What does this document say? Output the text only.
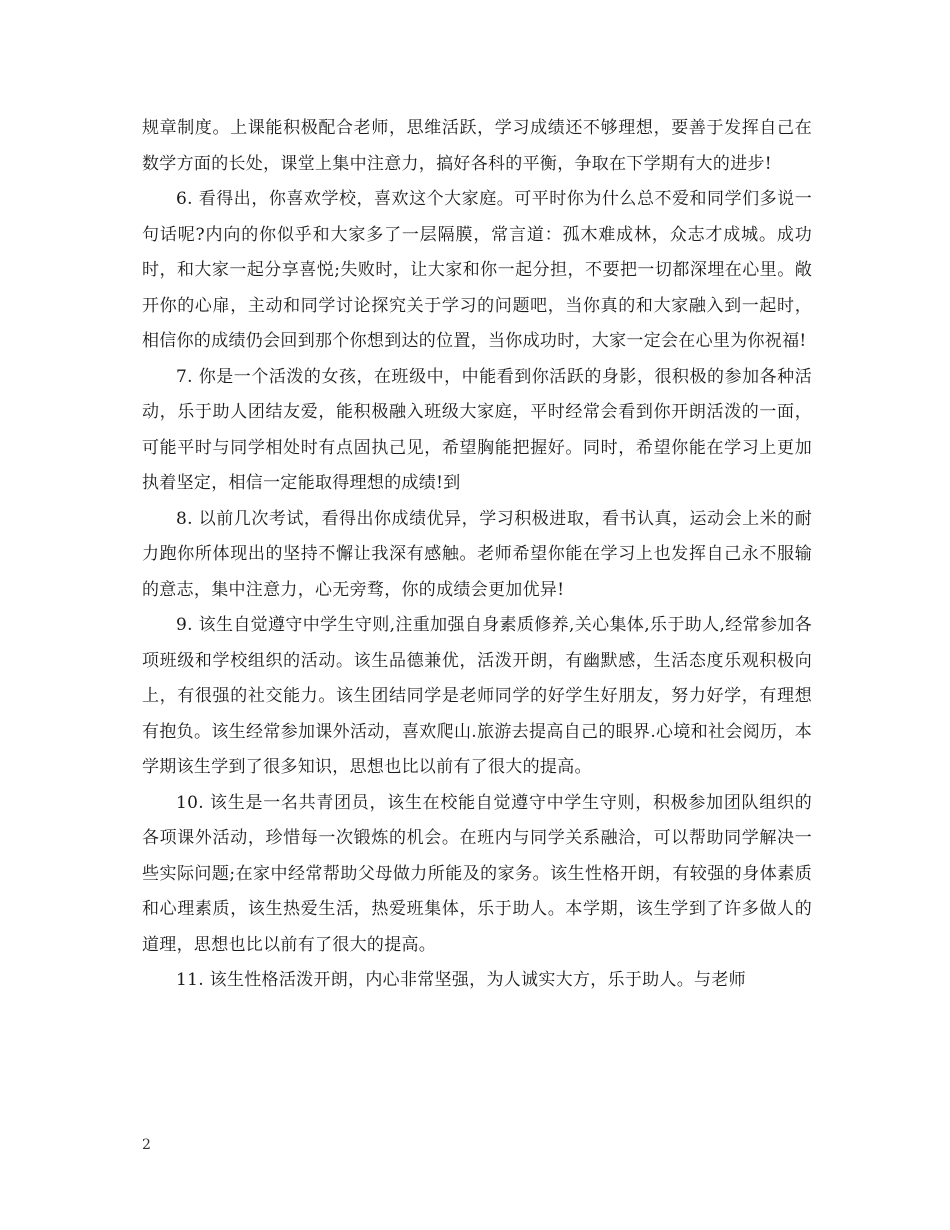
规章制度。上课能积极配合老师，思维活跃，学习成绩还不够理想，要善于发挥自己在数学方面的长处，课堂上集中注意力，搞好各科的平衡，争取在下学期有大的进步!

6. 看得出，你喜欢学校，喜欢这个大家庭。可平时你为什么总不爱和同学们多说一句话呢?内向的你似乎和大家多了一层隔膜，常言道：孤木难成林，众志才成城。成功时，和大家一起分享喜悦;失败时，让大家和你一起分担，不要把一切都深埋在心里。敞开你的心扉，主动和同学讨论探究关于学习的问题吧，当你真的和大家融入到一起时，相信你的成绩仍会回到那个你想到达的位置，当你成功时，大家一定会在心里为你祝福!

7. 你是一个活泼的女孩，在班级中，中能看到你活跃的身影，很积极的参加各种活动，乐于助人团结友爱，能积极融入班级大家庭，平时经常会看到你开朗活泼的一面，可能平时与同学相处时有点固执己见，希望胸能把握好。同时，希望你能在学习上更加执着坚定，相信一定能取得理想的成绩!到

8. 以前几次考试，看得出你成绩优异，学习积极进取，看书认真，运动会上米的耐力跑你所体现出的坚持不懈让我深有感触。老师希望你能在学习上也发挥自己永不服输的意志，集中注意力，心无旁骛，你的成绩会更加优异!

9. 该生自觉遵守中学生守则,注重加强自身素质修养,关心集体,乐于助人,经常参加各项班级和学校组织的活动。该生品德兼优，活泼开朗，有幽默感，生活态度乐观积极向上，有很强的社交能力。该生团结同学是老师同学的好学生好朋友，努力好学，有理想有抱负。该生经常参加课外活动，喜欢爬山.旅游去提高自己的眼界.心境和社会阅历，本学期该生学到了很多知识，思想也比以前有了很大的提高。

10. 该生是一名共青团员，该生在校能自觉遵守中学生守则，积极参加团队组织的各项课外活动，珍惜每一次锻炼的机会。在班内与同学关系融洽，可以帮助同学解决一些实际问题;在家中经常帮助父母做力所能及的家务。该生性格开朗，有较强的身体素质和心理素质，该生热爱生活，热爱班集体，乐于助人。本学期，该生学到了许多做人的道理，思想也比以前有了很大的提高。

11. 该生性格活泼开朗，内心非常坚强，为人诚实大方，乐于助人。与老师

2
